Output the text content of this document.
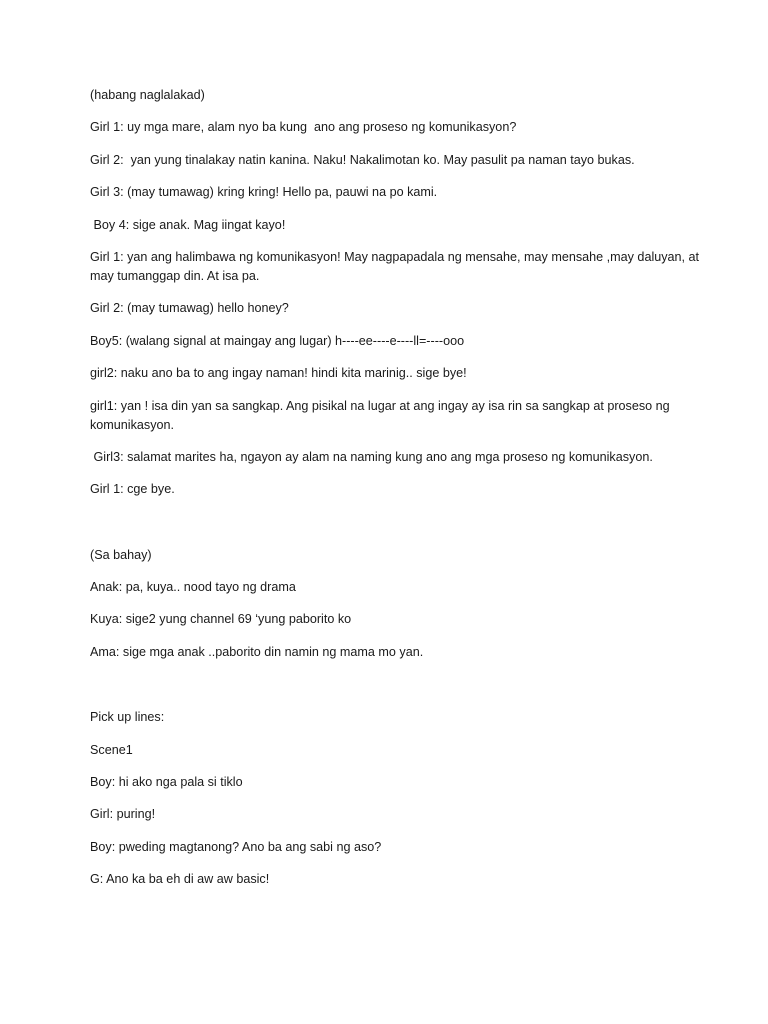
(habang naglalakad)

Girl 1: uy mga mare, alam nyo ba kung  ano ang proseso ng komunikasyon?

Girl 2:  yan yung tinalakay natin kanina. Naku! Nakalimotan ko. May pasulit pa naman tayo bukas.

Girl 3: (may tumawag) kring kring! Hello pa, pauwi na po kami.

Boy 4: sige anak. Mag iingat kayo!

Girl 1: yan ang halimbawa ng komunikasyon! May nagpapadala ng mensahe, may mensahe ,may daluyan, at may tumanggap din. At isa pa.

Girl 2: (may tumawag) hello honey?

Boy5: (walang signal at maingay ang lugar) h----ee----e----ll=----ooo

girl2: naku ano ba to ang ingay naman! hindi kita marinig.. sige bye!

girl1: yan ! isa din yan sa sangkap. Ang pisikal na lugar at ang ingay ay isa rin sa sangkap at proseso ng komunikasyon.

Girl3: salamat marites ha, ngayon ay alam na naming kung ano ang mga proseso ng komunikasyon.

Girl 1: cge bye.

(Sa bahay)

Anak: pa, kuya.. nood tayo ng drama

Kuya: sige2 yung channel 69 ‘yung paborito ko

Ama: sige mga anak ..paborito din namin ng mama mo yan.

Pick up lines:

Scene1

Boy: hi ako nga pala si tiklo

Girl: puring!

Boy: pweding magtanong? Ano ba ang sabi ng aso?

G: Ano ka ba eh di aw aw basic!
